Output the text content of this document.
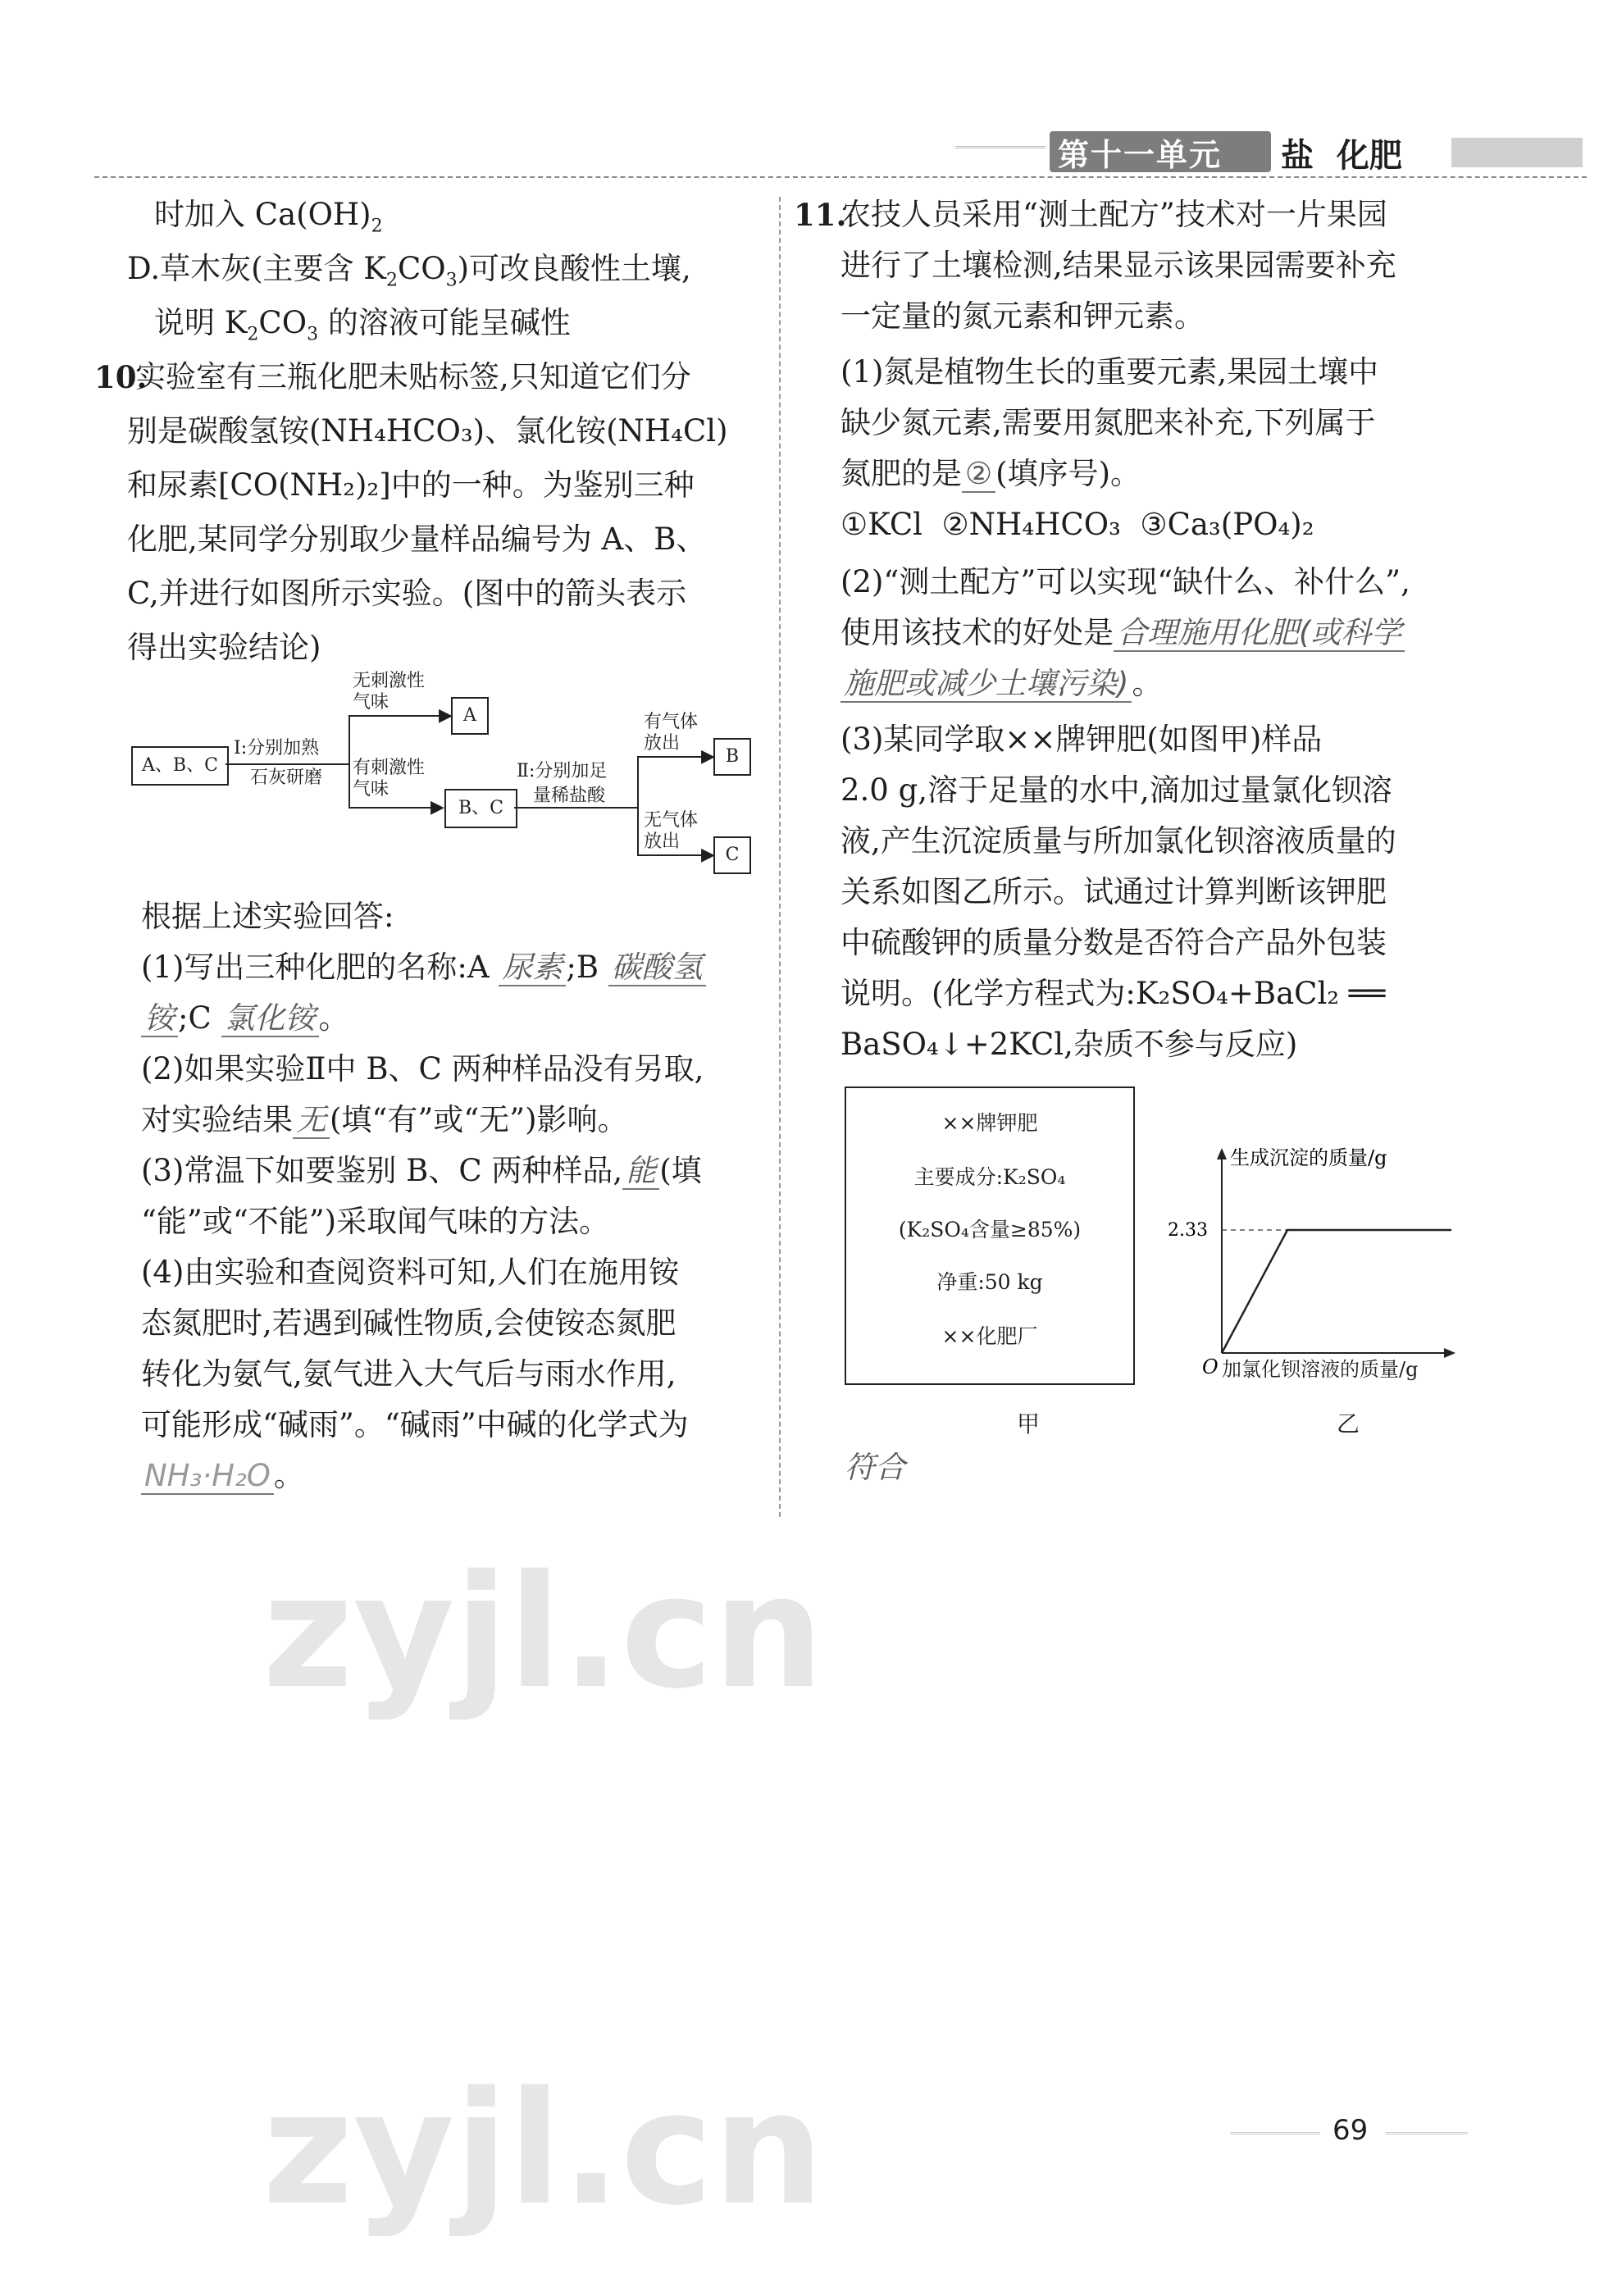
第十一单元 盐  化肥
时加入 $Ca(OH)_2$
D.草木灰(主要含 $K_2CO_3$)可改良酸性土壤,
说明 $K_2CO_3$ 的溶液可能呈碱性
10.
实验室有三瓶化肥未贴标签,只知道它们分
别是碳酸氢铵(NH₄HCO₃)、氯化铵(NH₄Cl)
和尿素[CO(NH₂)₂]中的一种。为鉴别三种
化肥,某同学分别取少量样品编号为 A、B、
C,并进行如图所示实验。(图中的箭头表示
得出实验结论)
A、B、C
Ⅰ:分别加熟
石灰研磨
▶
无刺激性
气味
A
▶
有刺激性
气味
B、C
Ⅱ:分别加足
量稀盐酸
▶
有气体
放出
B
▶
无气体
放出
C
根据上述实验回答:
(1)写出三种化肥的名称:A 尿素 ;B 碳酸氢
铵 ;C 氯化铵 。
(2)如果实验Ⅱ中 B、C 两种样品没有另取,
对实验结果 无 (填“有”或“无”)影响。
(3)常温下如要鉴别 B、C 两种样品, 能 (填
“能”或“不能”)采取闻气味的方法。
(4)由实验和查阅资料可知,人们在施用铵
态氮肥时,若遇到碱性物质,会使铵态氮肥
转化为氨气,氨气进入大气后与雨水作用,
可能形成“碱雨”。“碱雨”中碱的化学式为
NH₃·H₂O 。
11.
农技人员采用“测土配方”技术对一片果园
进行了土壤检测,结果显示该果园需要补充
一定量的氮元素和钾元素。
(1)氮是植物生长的重要元素,果园土壤中
缺少氮元素,需要用氮肥来补充,下列属于
氮肥的是 ② (填序号)。
①KCl  ②NH₄HCO₃  ③Ca₃(PO₄)₂
(2)“测土配方”可以实现“缺什么、补什么”,
使用该技术的好处是 合理施用化肥(或科学
施肥或减少土壤污染) 。
(3)某同学取××牌钾肥(如图甲)样品
2.0 g,溶于足量的水中,滴加过量氯化钡溶
液,产生沉淀质量与所加氯化钡溶液质量的
关系如图乙所示。试通过计算判断该钾肥
中硫酸钾的质量分数是否符合产品外包装
说明。(化学方程式为:K₂SO₄+BaCl₂ ══
BaSO₄↓+2KCl,杂质不参与反应)
××牌钾肥
主要成分:K₂SO₄
(K₂SO₄含量≥85%)
净重:50 kg
××化肥厂
甲
生成沉淀的质量/g
O
2.33
加氯化钡溶液的质量/g
乙
符合
zyjl.cn
zyjl.cn	69
